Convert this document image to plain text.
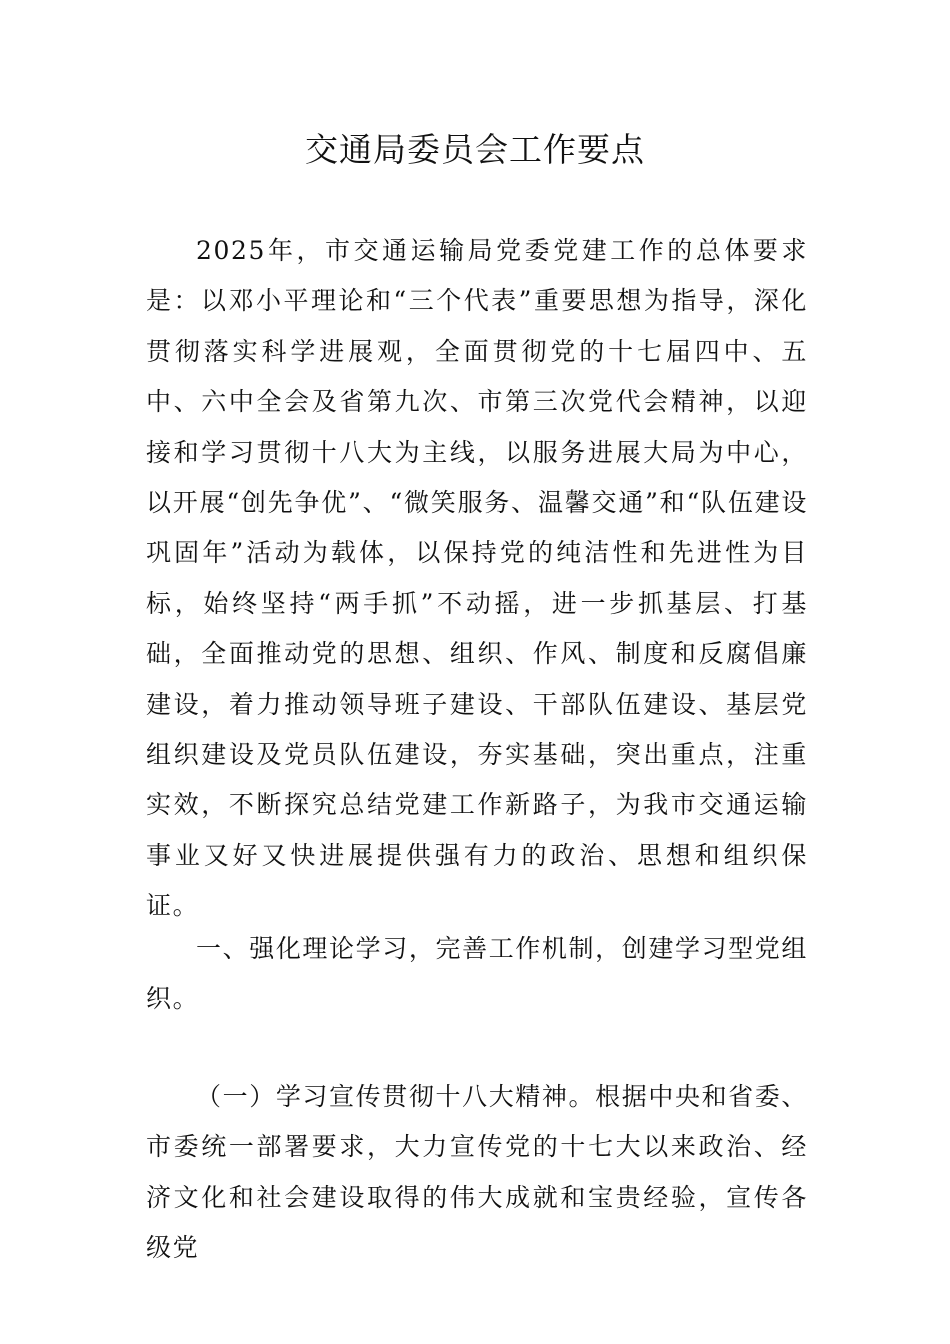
交通局委员会工作要点

2025年，市交通运输局党委党建工作的总体要求是：以邓小平理论和“三个代表”重要思想为指导，深化贯彻落实科学进展观，全面贯彻党的十七届四中、五中、六中全会及省第九次、市第三次党代会精神，以迎接和学习贯彻十八大为主线，以服务进展大局为中心，以开展“创先争优”、“微笑服务、温馨交通”和“队伍建设巩固年”活动为载体，以保持党的纯洁性和先进性为目标，始终坚持“两手抓”不动摇，进一步抓基层、打基础，全面推动党的思想、组织、作风、制度和反腐倡廉建设，着力推动领导班子建设、干部队伍建设、基层党组织建设及党员队伍建设，夯实基础，突出重点，注重实效，不断探究总结党建工作新路子，为我市交通运输事业又好又快进展提供强有力的政治、思想和组织保证。

一、强化理论学习，完善工作机制，创建学习型党组织。

（一）学习宣传贯彻十八大精神。根据中央和省委、市委统一部署要求，大力宣传党的十七大以来政治、经济文化和社会建设取得的伟大成就和宝贵经验，宣传各级党
